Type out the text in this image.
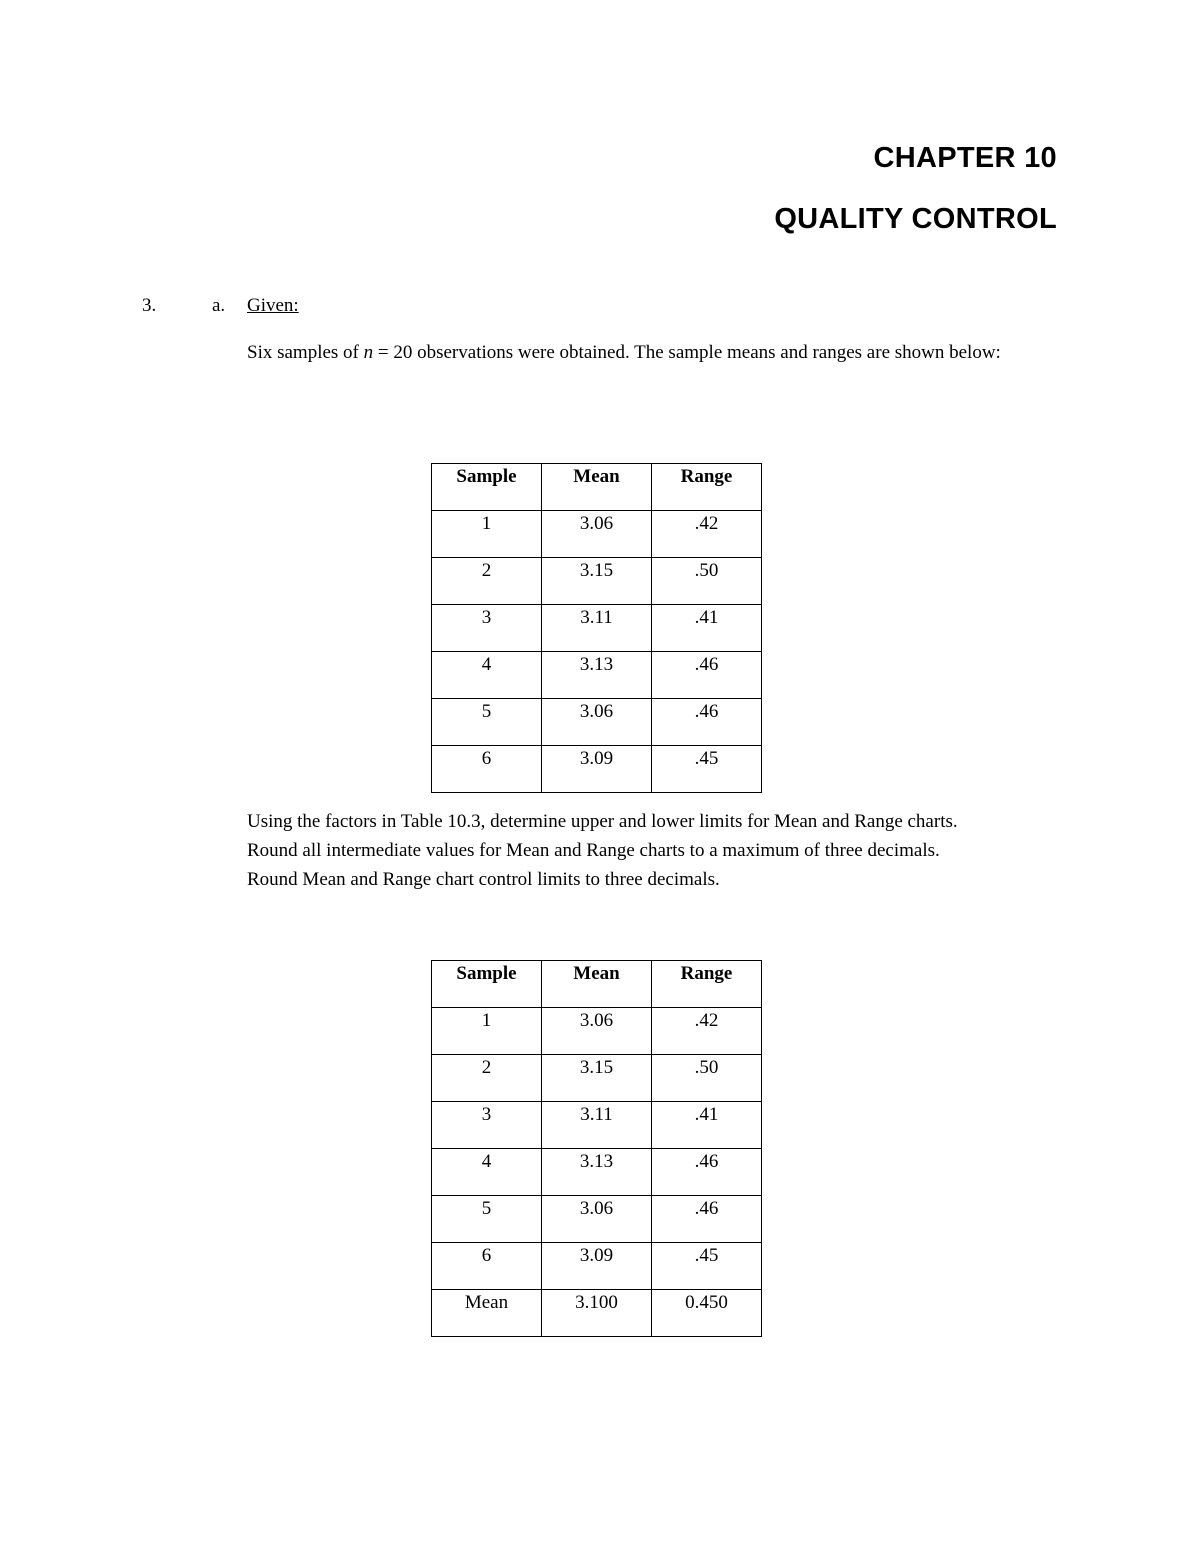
CHAPTER 10
QUALITY CONTROL
3.	a. Given:
Six samples of n = 20 observations were obtained. The sample means and ranges are shown below:
Sample	Mean	Range
1	3.06	.42
2	3.15	.50
3	3.11	.41
4	3.13	.46
5	3.06	.46
6	3.09	.45
Using the factors in Table 10.3, determine upper and lower limits for Mean and Range charts.
Round all intermediate values for Mean and Range charts to a maximum of three decimals.
Round Mean and Range chart control limits to three decimals.
Sample	Mean	Range
1	3.06	.42
2	3.15	.50
3	3.11	.41
4	3.13	.46
5	3.06	.46
6	3.09	.45
Mean	3.100	0.450
